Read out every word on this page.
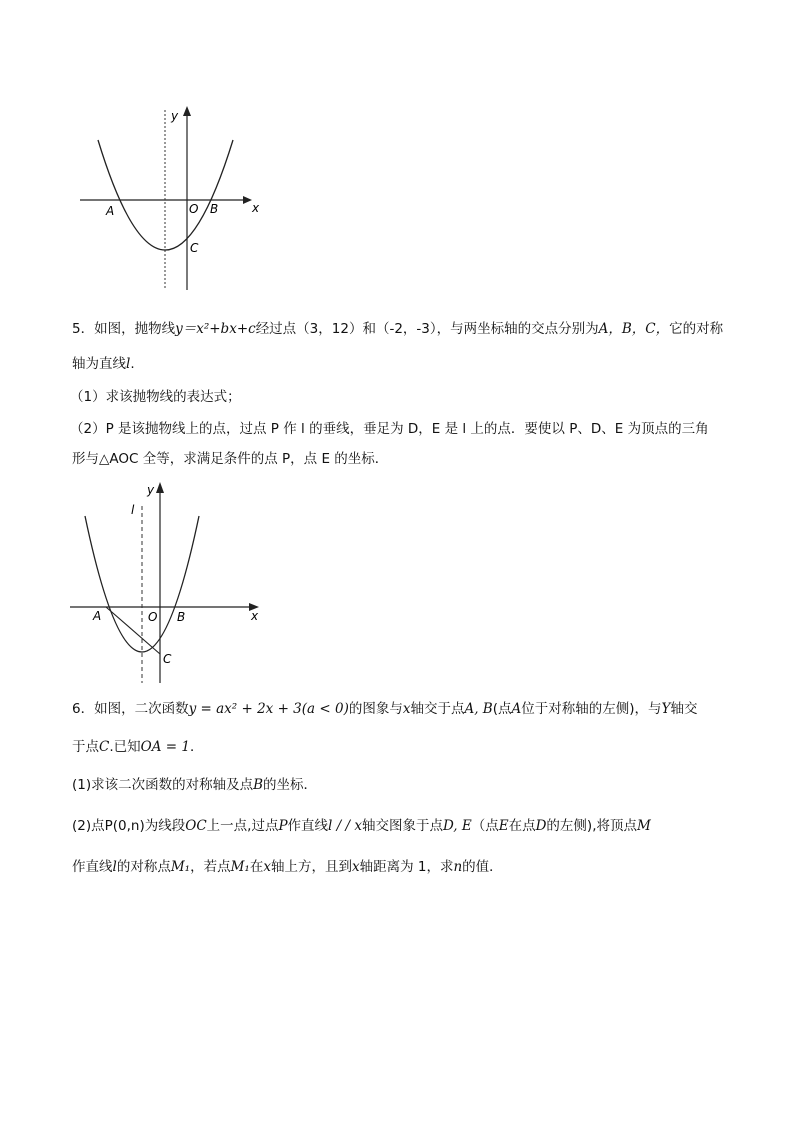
y
x
A	O B
C
5．如图，抛物线y＝x²+bx+c经过点（3，12）和（-2，-3），与两坐标轴的交点分别为A，B，C，它的对称
轴为直线l.
（1）求该抛物线的表达式；
（2）P 是该抛物线上的点，过点 P 作 l 的垂线，垂足为 D，E 是 l 上的点．要使以 P、D、E 为顶点的三角
形与△AOC 全等，求满足条件的点 P，点 E 的坐标．
y
l
x
A	O B
C
6．如图，二次函数y = ax² + 2x + 3(a < 0)的图象与x轴交于点A, B(点A位于对称轴的左侧)，与Y轴交
于点C.已知OA = 1．
(1)求该二次函数的对称轴及点B的坐标．
(2)点P(0,n)为线段OC上一点,过点P作直线l / / x轴交图象于点D, E（点E在点D的左侧),将顶点M
作直线l的对称点M₁，若点M₁在x轴上方，且到x轴距离为 1，求n的值．
